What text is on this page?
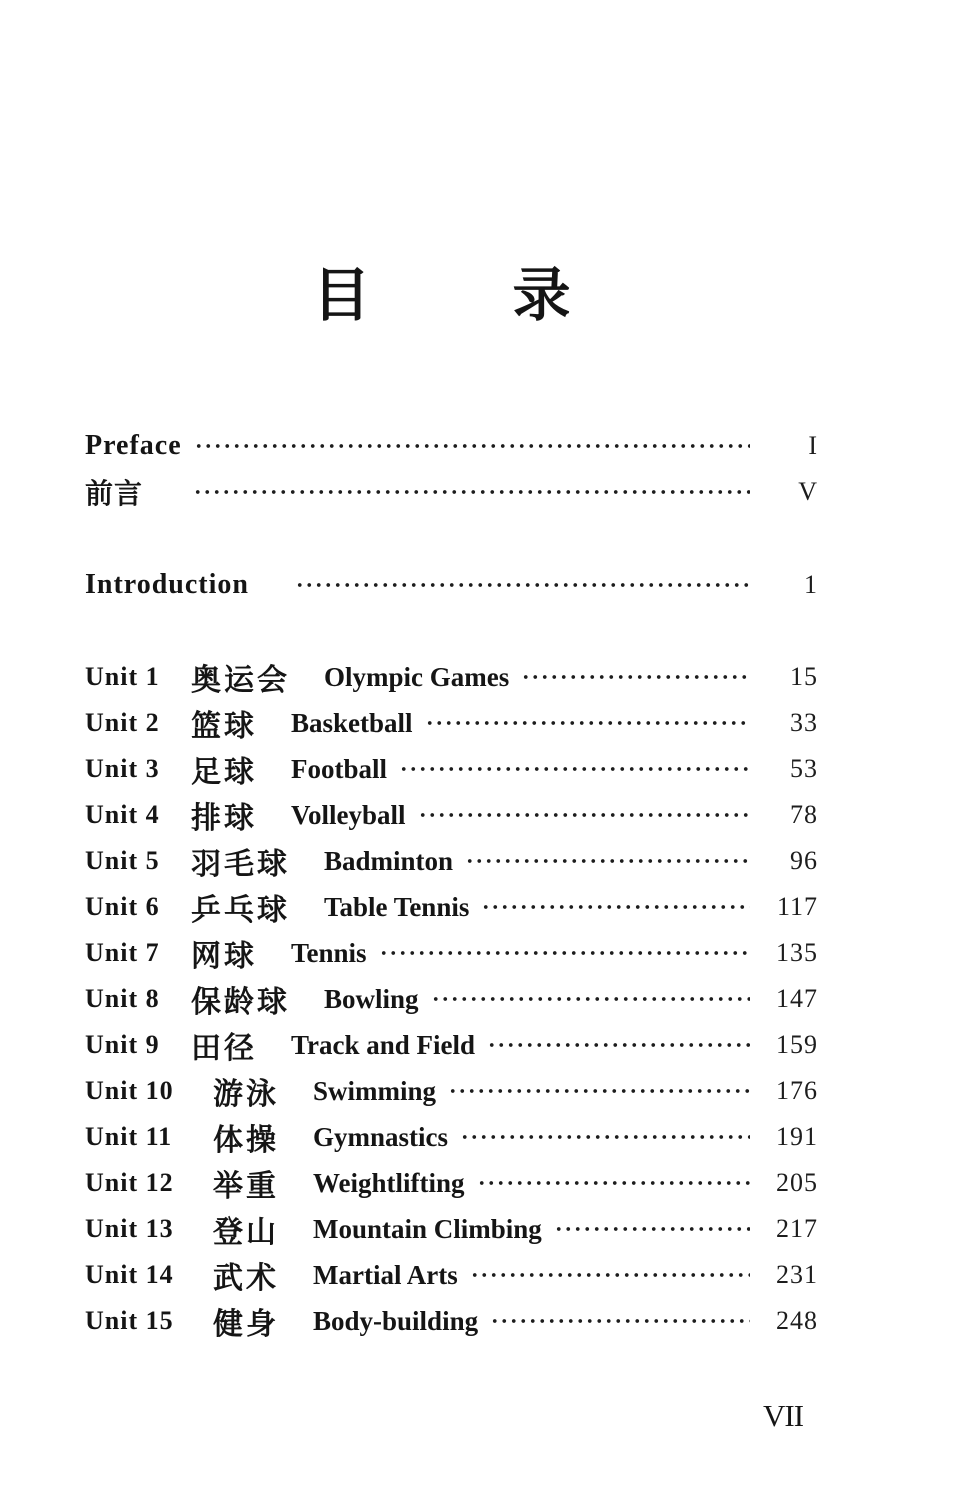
目 录
Preface	I
前言	V
Introduction	1
Unit 1	奥运会 Olympic Games	15
Unit 2	篮球 Basketball	33
Unit 3	足球 Football	53
Unit 4	排球 Volleyball	78
Unit 5	羽毛球 Badminton	96
Unit 6	乒乓球 Table Tennis	117
Unit 7	网球 Tennis	135
Unit 8	保龄球 Bowling	147
Unit 9	田径 Track and Field	159
Unit 10	游泳 Swimming	176
Unit 11	体操 Gymnastics	191
Unit 12	举重 Weightlifting	205
Unit 13	登山 Mountain Climbing	217
Unit 14	武术 Martial Arts	231
Unit 15	健身 Body-building	248
VII
